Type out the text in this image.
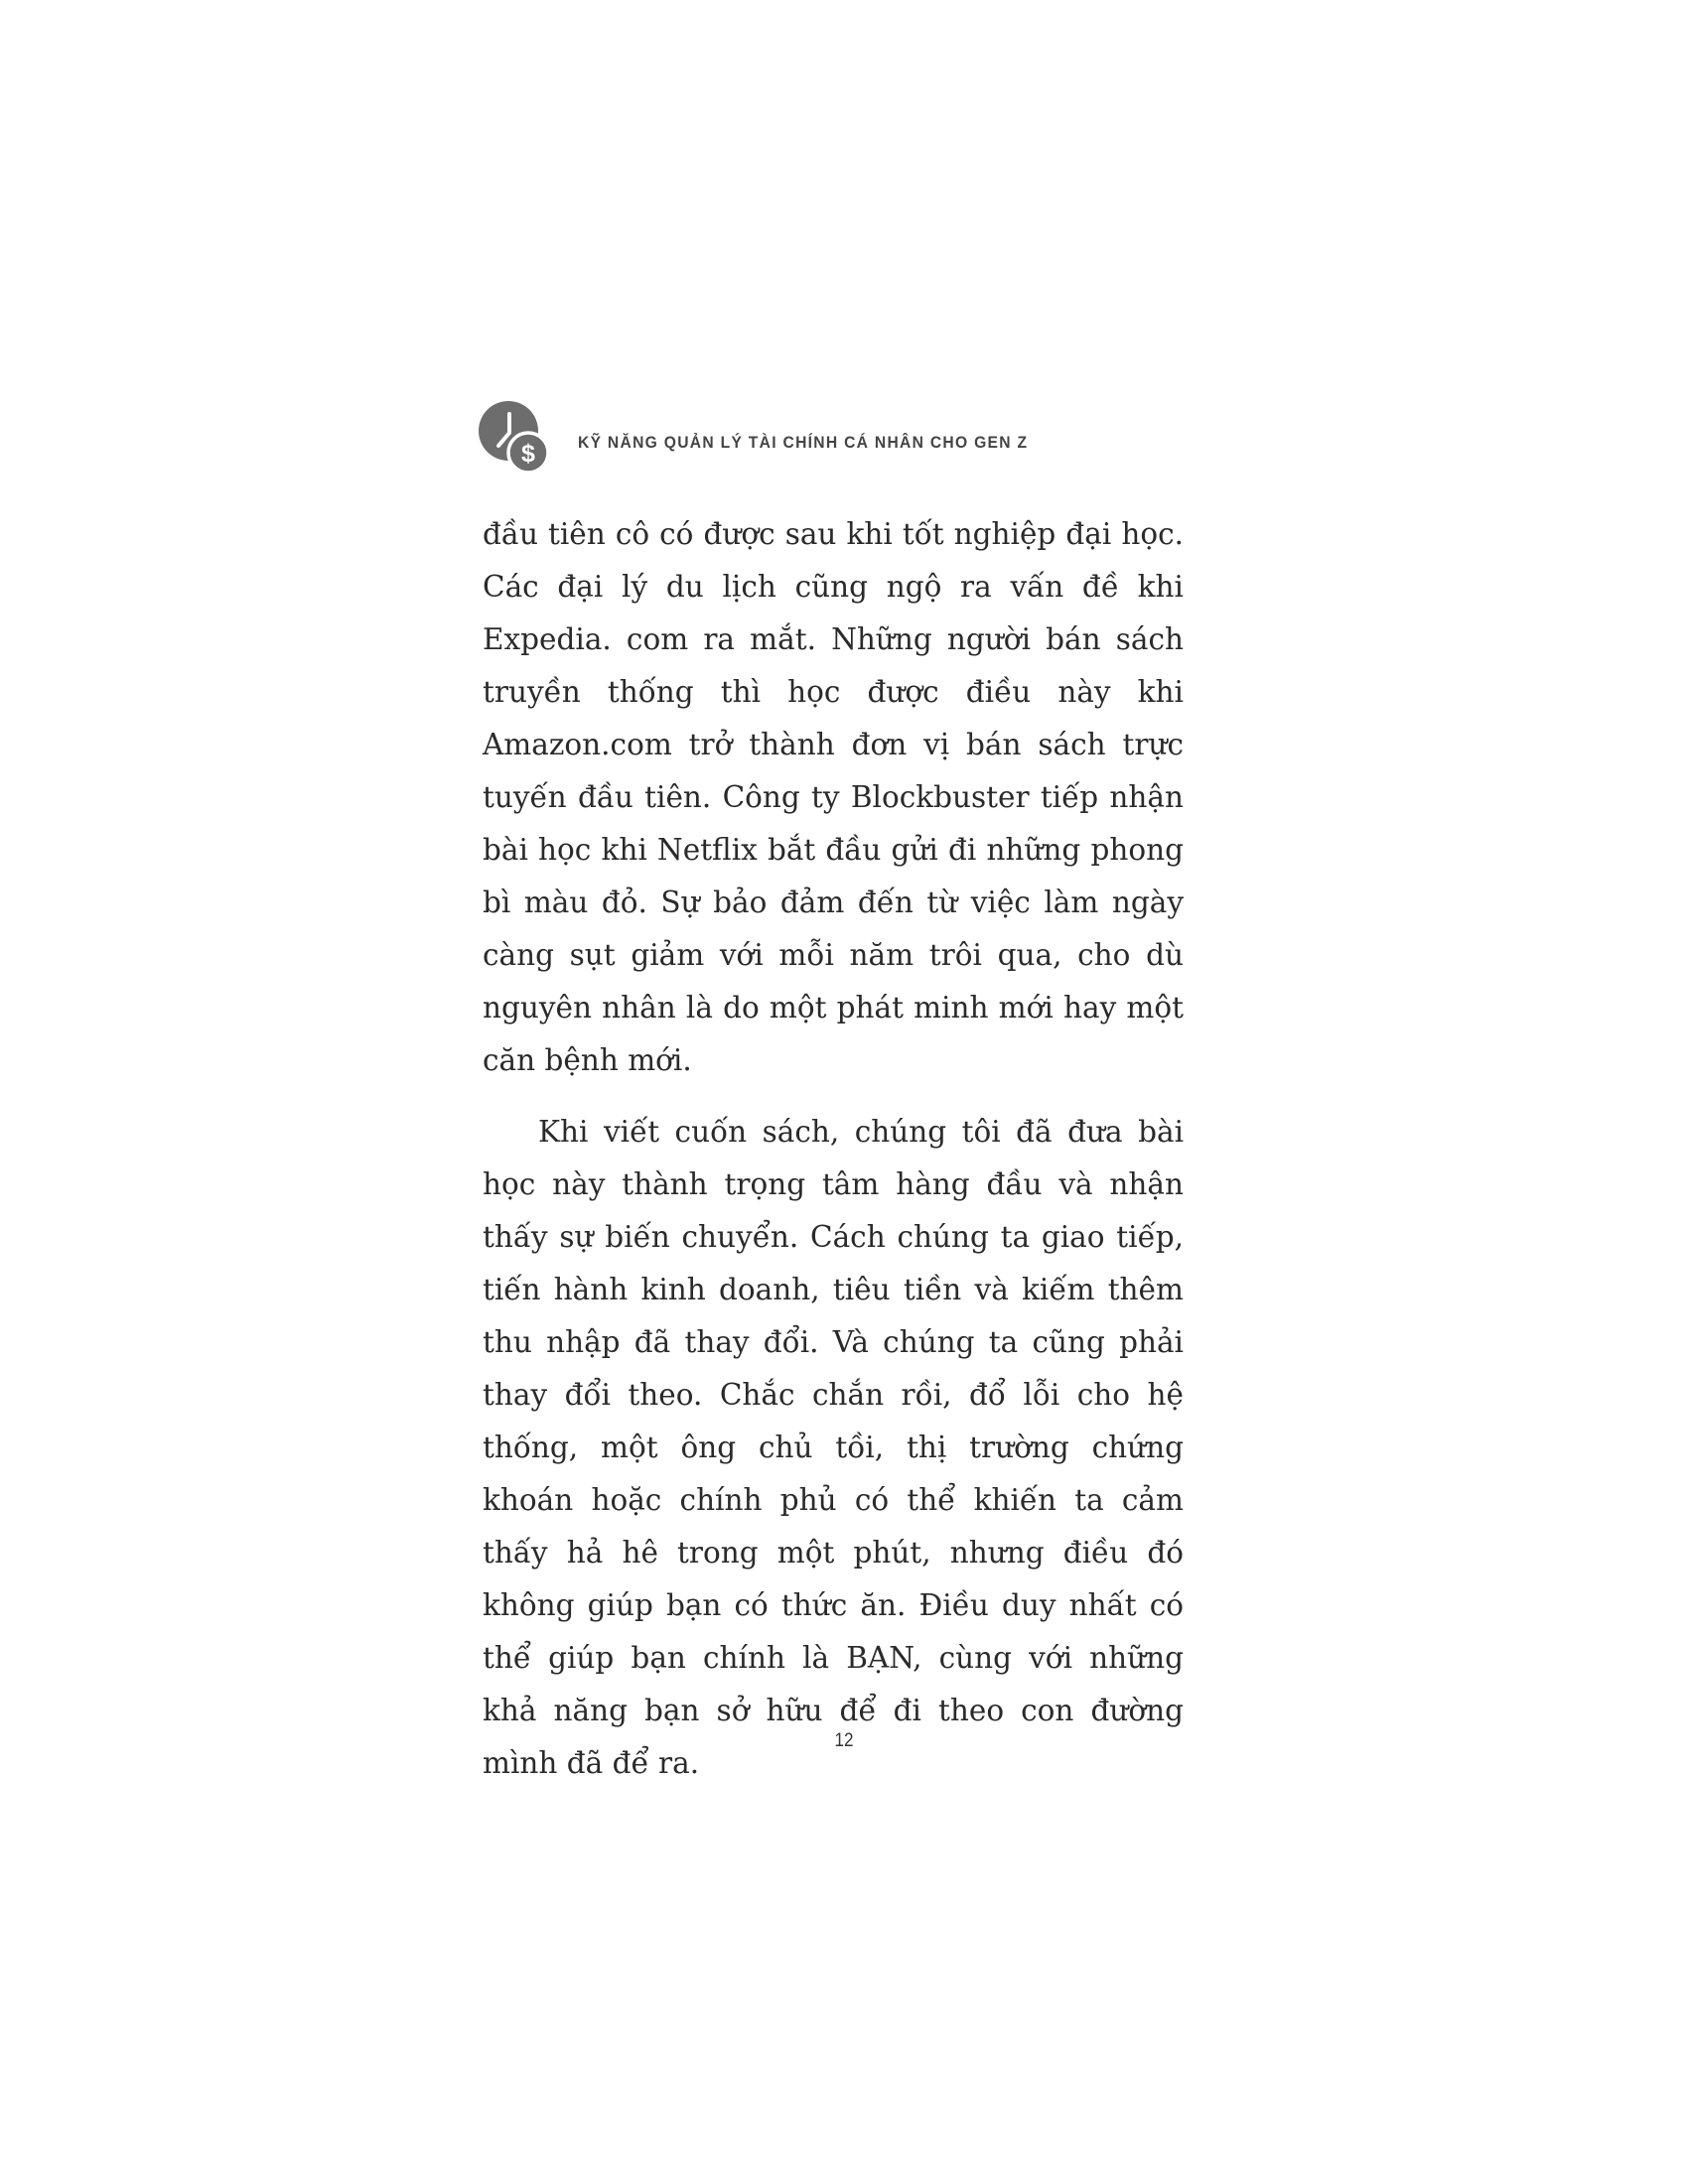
$	KỸ NĂNG QUẢN LÝ TÀI CHÍNH CÁ NHÂN CHO GEN Z

đầu tiên cô có được sau khi tốt nghiệp đại học. Các đại lý du lịch cũng ngộ ra vấn đề khi Expedia. com ra mắt. Những người bán sách truyền thống thì học được điều này khi Amazon.com trở thành đơn vị bán sách trực tuyến đầu tiên. Công ty Blockbuster tiếp nhận bài học khi Netflix bắt đầu gửi đi những phong bì màu đỏ. Sự bảo đảm đến từ việc làm ngày càng sụt giảm với mỗi năm trôi qua, cho dù nguyên nhân là do một phát minh mới hay một căn bệnh mới.

Khi viết cuốn sách, chúng tôi đã đưa bài học này thành trọng tâm hàng đầu và nhận thấy sự biến chuyển. Cách chúng ta giao tiếp, tiến hành kinh doanh, tiêu tiền và kiếm thêm thu nhập đã thay đổi. Và chúng ta cũng phải thay đổi theo. Chắc chắn rồi, đổ lỗi cho hệ thống, một ông chủ tồi, thị trường chứng khoán hoặc chính phủ có thể khiến ta cảm thấy hả hê trong một phút, nhưng điều đó không giúp bạn có thức ăn. Điều duy nhất có thể giúp bạn chính là BẠN, cùng với những khả năng bạn sở hữu để đi theo con đường mình đã để ra.

12
